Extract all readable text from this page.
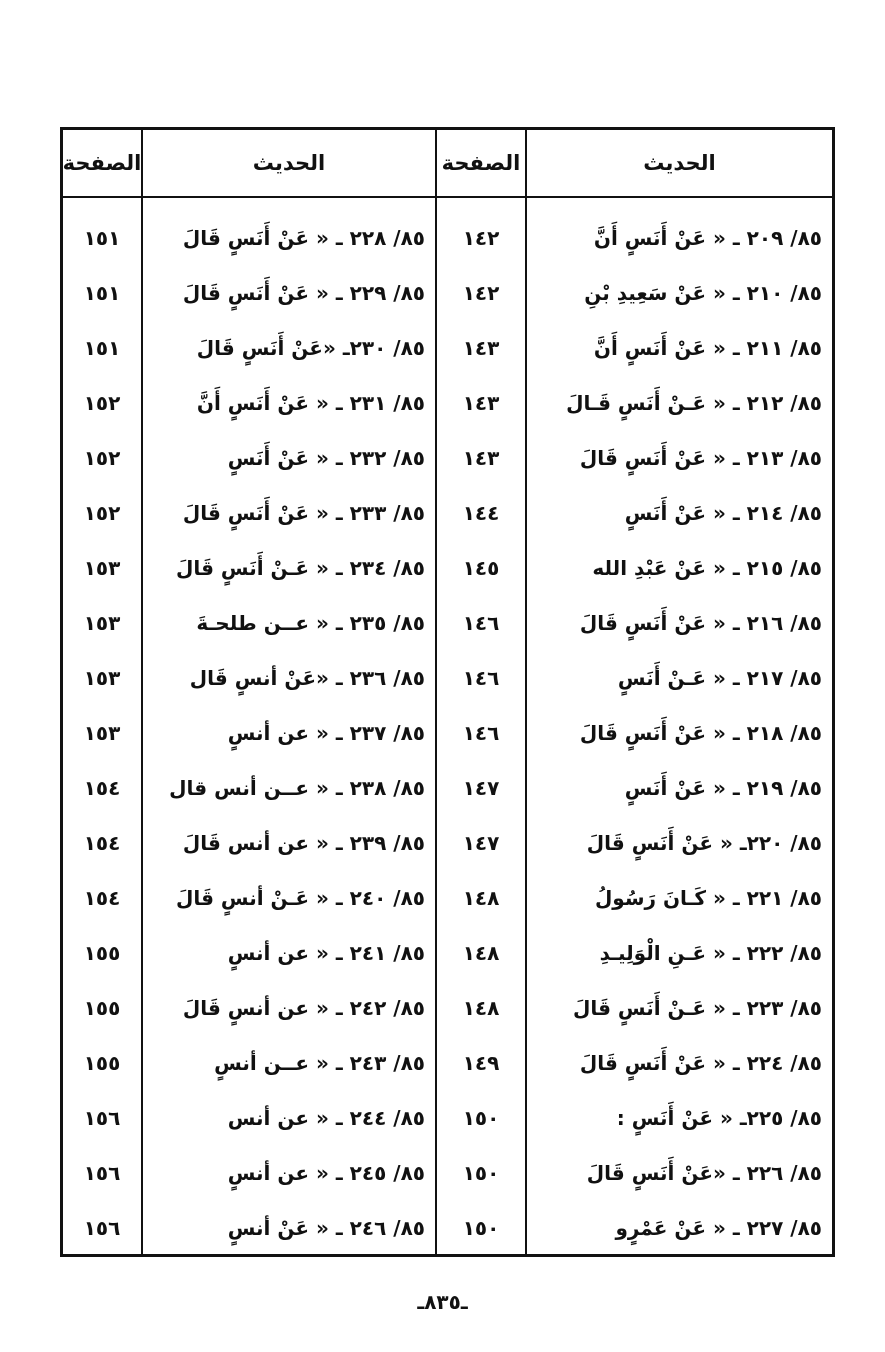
الحديث
الصفحة
الحديث
الصفحة
٨٥/ ٢٠٩ ـ « عَنْ أَنَسٍ أَنَّ
١٤٢
٨٥/ ٢٢٨ ـ « عَنْ أَنَسٍ قَالَ
١٥١
٨٥/ ٢١٠ ـ « عَنْ سَعِيدِ بْنِ
١٤٢
٨٥/ ٢٢٩ ـ « عَنْ أَنَسٍ قَالَ
١٥١
٨٥/ ٢١١ ـ « عَنْ أَنَسٍ أَنَّ
١٤٣
٨٥/ ٢٣٠ـ «عَنْ أَنَسٍ قَالَ
١٥١
٨٥/ ٢١٢ ـ « عَـنْ أَنَسٍ قَـالَ
١٤٣
٨٥/ ٢٣١ ـ « عَنْ أَنَسٍ أَنَّ
١٥٢
٨٥/ ٢١٣ ـ « عَنْ أَنَسٍ قَالَ
١٤٣
٨٥/ ٢٣٢ ـ « عَنْ أَنَسٍ
١٥٢
٨٥/ ٢١٤ ـ « عَنْ أَنَسٍ
١٤٤
٨٥/ ٢٣٣ ـ « عَنْ أَنَسٍ قَالَ
١٥٢
٨٥/ ٢١٥ ـ « عَنْ عَبْدِ الله
١٤٥
٨٥/ ٢٣٤ ـ « عَـنْ أَنَسٍ قَالَ
١٥٣
٨٥/ ٢١٦ ـ « عَنْ أَنَسٍ قَالَ
١٤٦
٨٥/ ٢٣٥ ـ « عــن طلحـةَ
١٥٣
٨٥/ ٢١٧ ـ « عَـنْ أَنَسٍ
١٤٦
٨٥/ ٢٣٦ ـ «عَنْ أنسٍ قَال
١٥٣
٨٥/ ٢١٨ ـ « عَنْ أَنَسٍ قَالَ
١٤٦
٨٥/ ٢٣٧ ـ « عن أنسٍ
١٥٣
٨٥/ ٢١٩ ـ « عَنْ أَنَسٍ
١٤٧
٨٥/ ٢٣٨ ـ « عــن أنس قال
١٥٤
٨٥/ ٢٢٠ـ « عَنْ أَنَسٍ قَالَ
١٤٧
٨٥/ ٢٣٩ ـ « عن أنس قَالَ
١٥٤
٨٥/ ٢٢١ ـ « كَـانَ رَسُولُ
١٤٨
٨٥/ ٢٤٠ ـ « عَـنْ أنسٍ قَالَ
١٥٤
٨٥/ ٢٢٢ ـ « عَـنِ الْوَلِيـدِ
١٤٨
٨٥/ ٢٤١ ـ « عن أنسٍ
١٥٥
٨٥/ ٢٢٣ ـ « عَـنْ أَنَسٍ قَالَ
١٤٨
٨٥/ ٢٤٢ ـ « عن أنسٍ قَالَ
١٥٥
٨٥/ ٢٢٤ ـ « عَنْ أَنَسٍ قَالَ
١٤٩
٨٥/ ٢٤٣ ـ « عــن أنسٍ
١٥٥
٨٥/ ٢٢٥ـ « عَنْ أَنَسٍ :
١٥٠
٨٥/ ٢٤٤ ـ « عن أنس
١٥٦
٨٥/ ٢٢٦ ـ «عَنْ أَنَسٍ قَالَ
١٥٠
٨٥/ ٢٤٥ ـ « عن أنسٍ
١٥٦
٨٥/ ٢٢٧ ـ « عَنْ عَمْرٍو
١٥٠
٨٥/ ٢٤٦ ـ « عَنْ أنسٍ
١٥٦
ـ٨٣٥ـ
